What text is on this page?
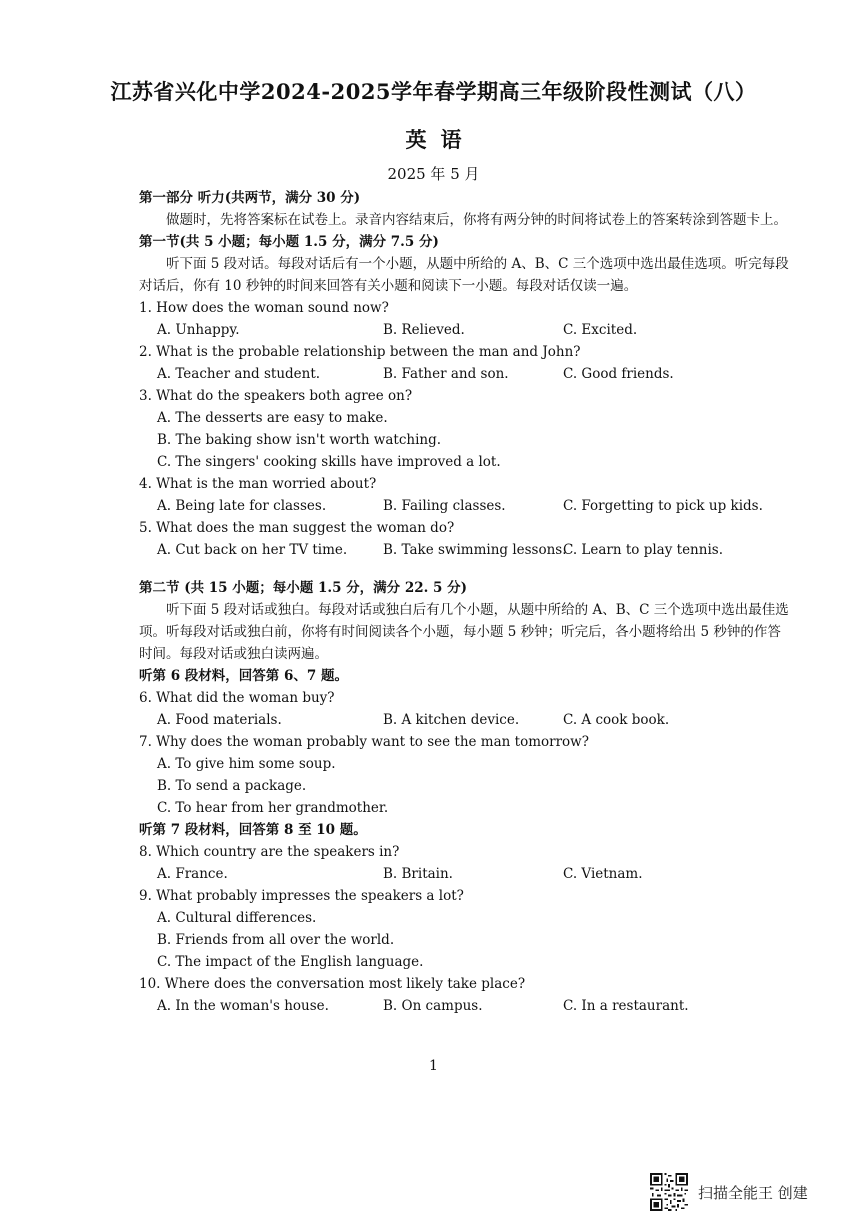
江苏省兴化中学2024-2025学年春学期高三年级阶段性测试（八）
英语
2025 年 5 月
第一部分 听力(共两节，满分 30 分)
做题时，先将答案标在试卷上。录音内容结束后，你将有两分钟的时间将试卷上的答案转涂到答题卡上。
第一节(共 5 小题；每小题 1.5 分，满分 7.5 分)
听下面 5 段对话。每段对话后有一个小题，从题中所给的 A、B、C 三个选项中选出最佳选项。听完每段对话后，你有 10 秒钟的时间来回答有关小题和阅读下一小题。每段对话仅读一遍。
1. How does the woman sound now?
A. Unhappy.	B. Relieved.	C. Excited.
2. What is the probable relationship between the man and John?
A. Teacher and student.	B. Father and son.	C. Good friends.
3. What do the speakers both agree on?
A. The desserts are easy to make.
B. The baking show isn't worth watching.
C. The singers' cooking skills have improved a lot.
4. What is the man worried about?
A. Being late for classes.	B. Failing classes.	C. Forgetting to pick up kids.
5. What does the man suggest the woman do?
A. Cut back on her TV time.	B. Take swimming lessons.
C. Learn to play tennis.
第二节 (共 15 小题；每小题 1.5 分，满分 22. 5 分)
听下面 5 段对话或独白。每段对话或独白后有几个小题，从题中所给的 A、B、C 三个选项中选出最佳选项。听每段对话或独白前，你将有时间阅读各个小题，每小题 5 秒钟；听完后，各小题将给出 5 秒钟的作答时间。每段对话或独白读两遍。
听第 6 段材料，回答第 6、7 题。
6. What did the woman buy?
A. Food materials.	B. A kitchen device.	C. A cook book.
7. Why does the woman probably want to see the man tomorrow?
A. To give him some soup.
B. To send a package.
C. To hear from her grandmother.
听第 7 段材料，回答第 8 至 10 题。
8. Which country are the speakers in?
A. France.	B. Britain.	C. Vietnam.
9. What probably impresses the speakers a lot?
A. Cultural differences.
B. Friends from all over the world.
C. The impact of the English language.
10. Where does the conversation most likely take place?
A. In the woman's house.	B. On campus.	C. In a restaurant.
1
扫描全能王 创建
